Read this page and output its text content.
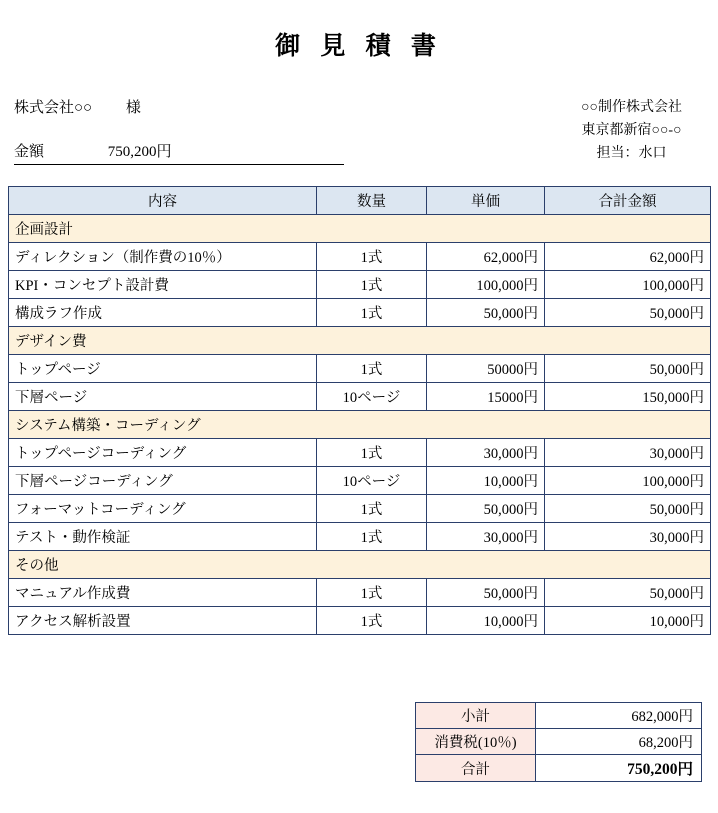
御 見 積 書
株式会社○○ 様
金額	750,200円
○○制作株式会社
東京都新宿○○-○
担当：水口
内容	数量	単価	合計金額
企画設計			
ディレクション（制作費の10％）	1式	62,000円	62,000円
KPI・コンセプト設計費	1式	100,000円	100,000円
構成ラフ作成	1式	50,000円	50,000円
デザイン費			
トップページ	1式	50000円	50,000円
下層ページ	10ページ	15000円	150,000円
システム構築・コーディング			
トップページコーディング	1式	30,000円	30,000円
下層ページコーディング	10ページ	10,000円	100,000円
フォーマットコーディング	1式	50,000円	50,000円
テスト・動作検証	1式	30,000円	30,000円
その他			
マニュアル作成費	1式	50,000円	50,000円
アクセス解析設置	1式	10,000円	10,000円
小計	682,000円
消費税(10％)	68,200円
合計	750,200円
